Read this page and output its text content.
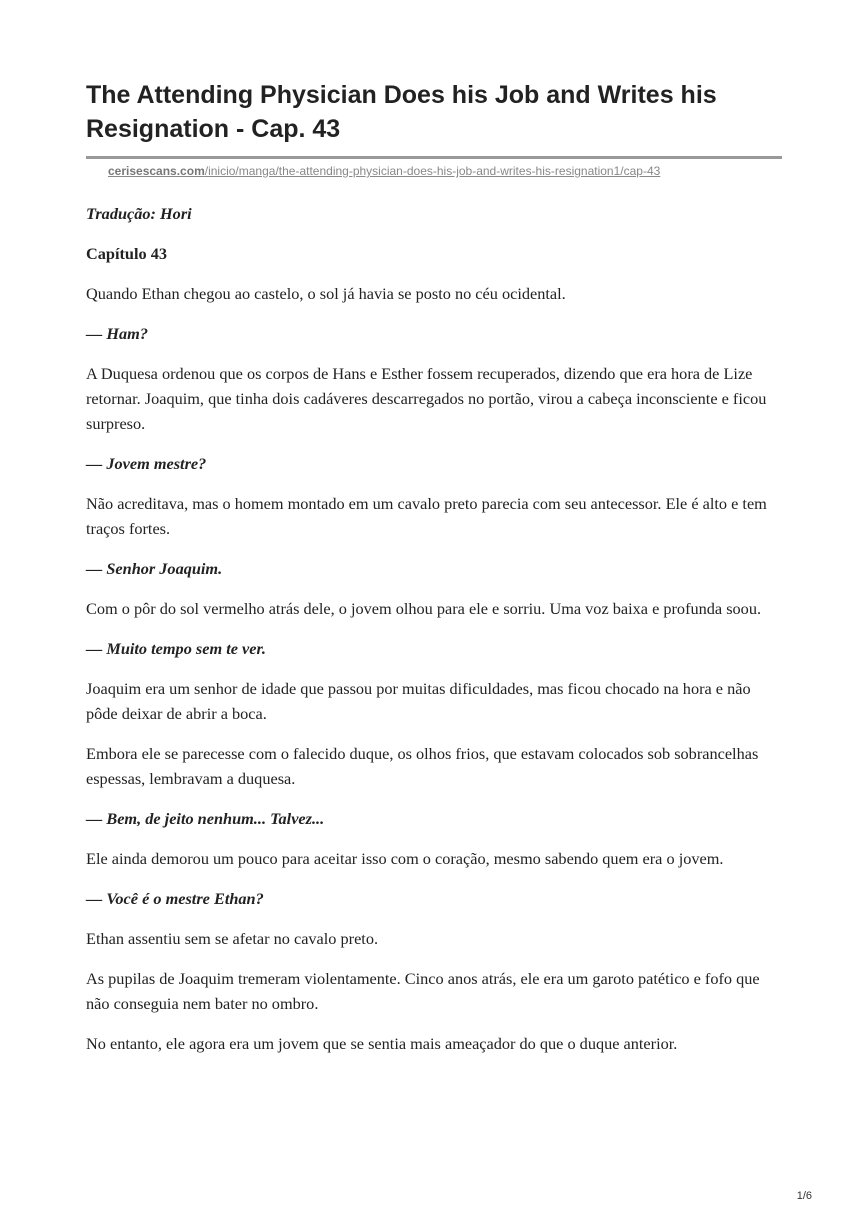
The Attending Physician Does his Job and Writes his Resignation - Cap. 43
cerisescans.com/inicio/manga/the-attending-physician-does-his-job-and-writes-his-resignation1/cap-43

Tradução: Hori

Capítulo 43

Quando Ethan chegou ao castelo, o sol já havia se posto no céu ocidental.

— Ham?

A Duquesa ordenou que os corpos de Hans e Esther fossem recuperados, dizendo que era hora de Lize retornar. Joaquim, que tinha dois cadáveres descarregados no portão, virou a cabeça inconsciente e ficou surpreso.

— Jovem mestre?

Não acreditava, mas o homem montado em um cavalo preto parecia com seu antecessor. Ele é alto e tem traços fortes.

— Senhor Joaquim.

Com o pôr do sol vermelho atrás dele, o jovem olhou para ele e sorriu. Uma voz baixa e profunda soou.

— Muito tempo sem te ver.

Joaquim era um senhor de idade que passou por muitas dificuldades, mas ficou chocado na hora e não pôde deixar de abrir a boca.

Embora ele se parecesse com o falecido duque, os olhos frios, que estavam colocados sob sobrancelhas espessas, lembravam a duquesa.

— Bem, de jeito nenhum... Talvez...

Ele ainda demorou um pouco para aceitar isso com o coração, mesmo sabendo quem era o jovem.

— Você é o mestre Ethan?

Ethan assentiu sem se afetar no cavalo preto.

As pupilas de Joaquim tremeram violentamente. Cinco anos atrás, ele era um garoto patético e fofo que não conseguia nem bater no ombro.

No entanto, ele agora era um jovem que se sentia mais ameaçador do que o duque anterior.

1/6
